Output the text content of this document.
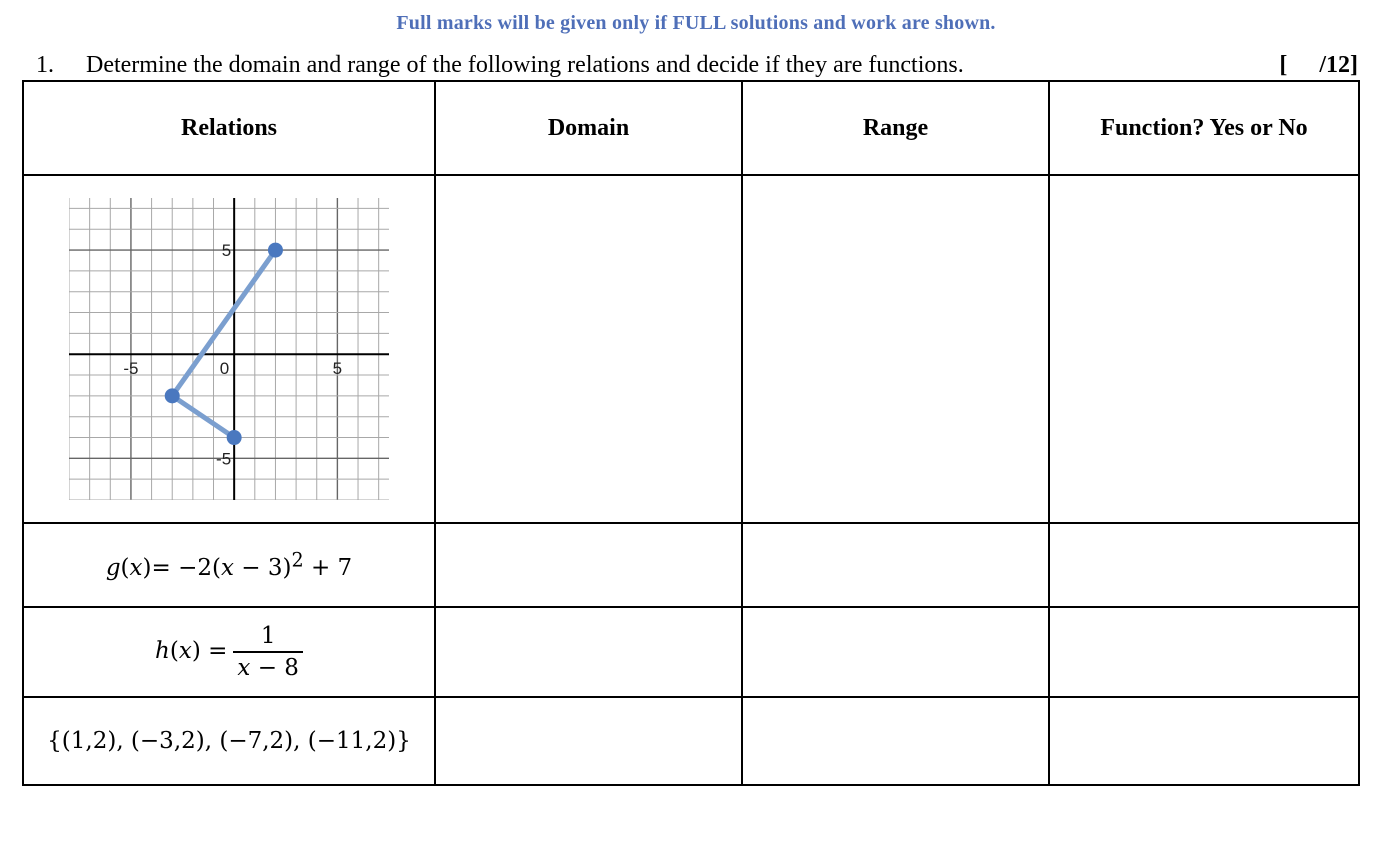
Full marks will be given only if FULL solutions and work are shown.
1. Determine the domain and range of the following relations and decide if they are functions.	[ /12]
Relations	Domain	Range	Function? Yes or No

-5 0 5
5
-5			

$g(x)= -2(x - 3)^2 + 7$			
$h(x) = \frac{1}{x - 8}$

{(1,2), (−3,2), (−7,2), (−11,2)}			
